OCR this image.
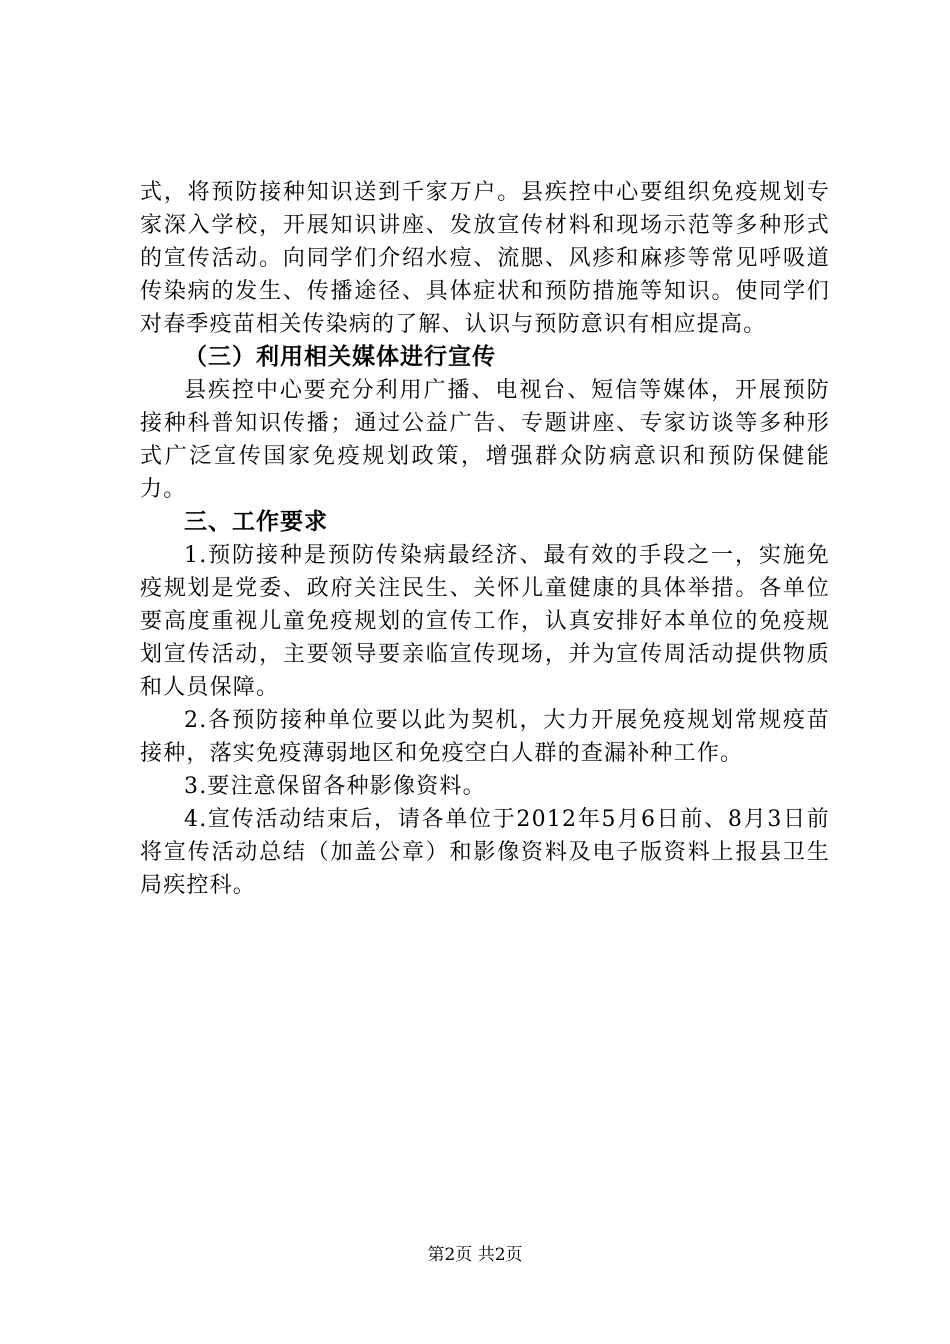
式，将预防接种知识送到千家万户。县疾控中心要组织免疫规划专家深入学校，开展知识讲座、发放宣传材料和现场示范等多种形式的宣传活动。向同学们介绍水痘、流腮、风疹和麻疹等常见呼吸道传染病的发生、传播途径、具体症状和预防措施等知识。使同学们对春季疫苗相关传染病的了解、认识与预防意识有相应提高。

（三）利用相关媒体进行宣传

县疾控中心要充分利用广播、电视台、短信等媒体，开展预防接种科普知识传播；通过公益广告、专题讲座、专家访谈等多种形式广泛宣传国家免疫规划政策，增强群众防病意识和预防保健能力。

三、工作要求

1.预防接种是预防传染病最经济、最有效的手段之一，实施免疫规划是党委、政府关注民生、关怀儿童健康的具体举措。各单位要高度重视儿童免疫规划的宣传工作，认真安排好本单位的免疫规划宣传活动，主要领导要亲临宣传现场，并为宣传周活动提供物质和人员保障。

2.各预防接种单位要以此为契机，大力开展免疫规划常规疫苗接种，落实免疫薄弱地区和免疫空白人群的查漏补种工作。

3.要注意保留各种影像资料。

4.宣传活动结束后，请各单位于2012年5月6日前、8月3日前将宣传活动总结（加盖公章）和影像资料及电子版资料上报县卫生局疾控科。

第2页 共2页
